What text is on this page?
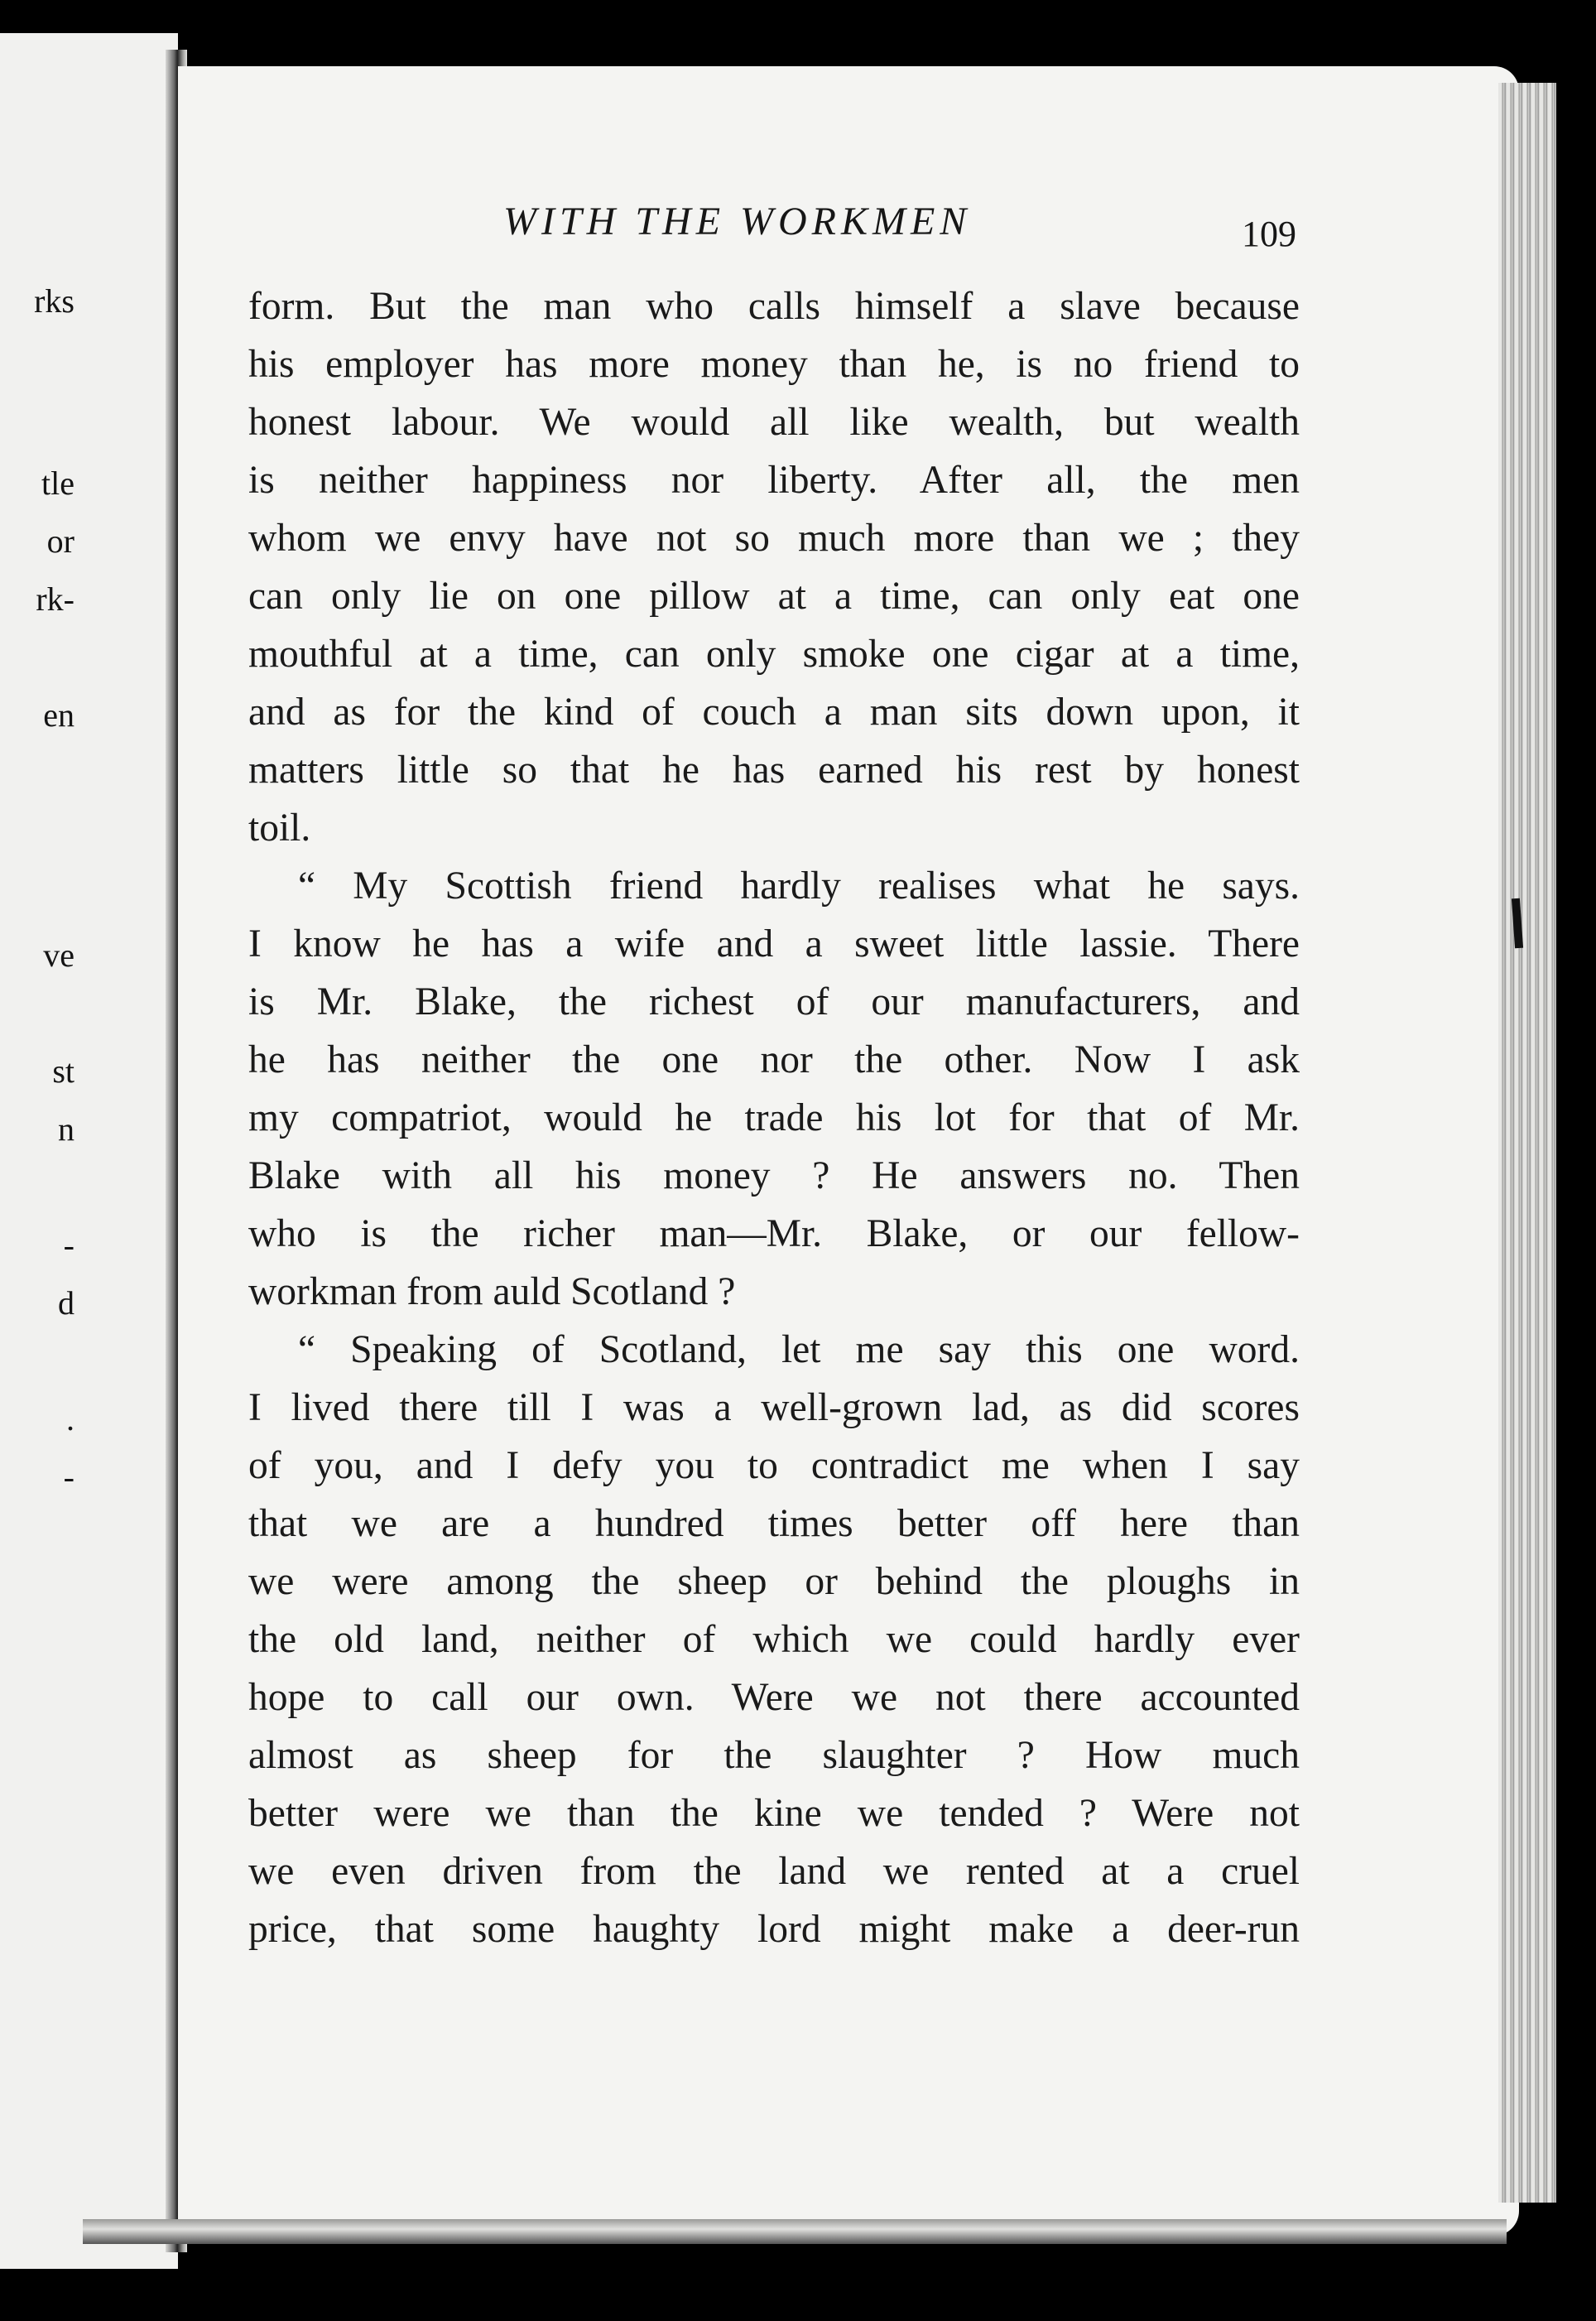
rks
tle
or
rk-
en
ve
st
n
-
d
.
-
WITH THE WORKMEN	109
form. But the man who calls himself a slave because
his employer has more money than he, is no friend to
honest labour. We would all like wealth, but wealth
is neither happiness nor liberty. After all, the men
whom we envy have not so much more than we ; they
can only lie on one pillow at a time, can only eat one
mouthful at a time, can only smoke one cigar at a time,
and as for the kind of couch a man sits down upon, it
matters little so that he has earned his rest by honest
toil.
“ My Scottish friend hardly realises what he says.
I know he has a wife and a sweet little lassie. There
is Mr. Blake, the richest of our manufacturers, and
he has neither the one nor the other. Now I ask
my compatriot, would he trade his lot for that of Mr.
Blake with all his money ? He answers no. Then
who is the richer man—Mr. Blake, or our fellow-
workman from auld Scotland ?
“ Speaking of Scotland, let me say this one word.
I lived there till I was a well-grown lad, as did scores
of you, and I defy you to contradict me when I say
that we are a hundred times better off here than
we were among the sheep or behind the ploughs in
the old land, neither of which we could hardly ever
hope to call our own. Were we not there accounted
almost as sheep for the slaughter ? How much
better were we than the kine we tended ? Were not
we even driven from the land we rented at a cruel
price, that some haughty lord might make a deer-run
